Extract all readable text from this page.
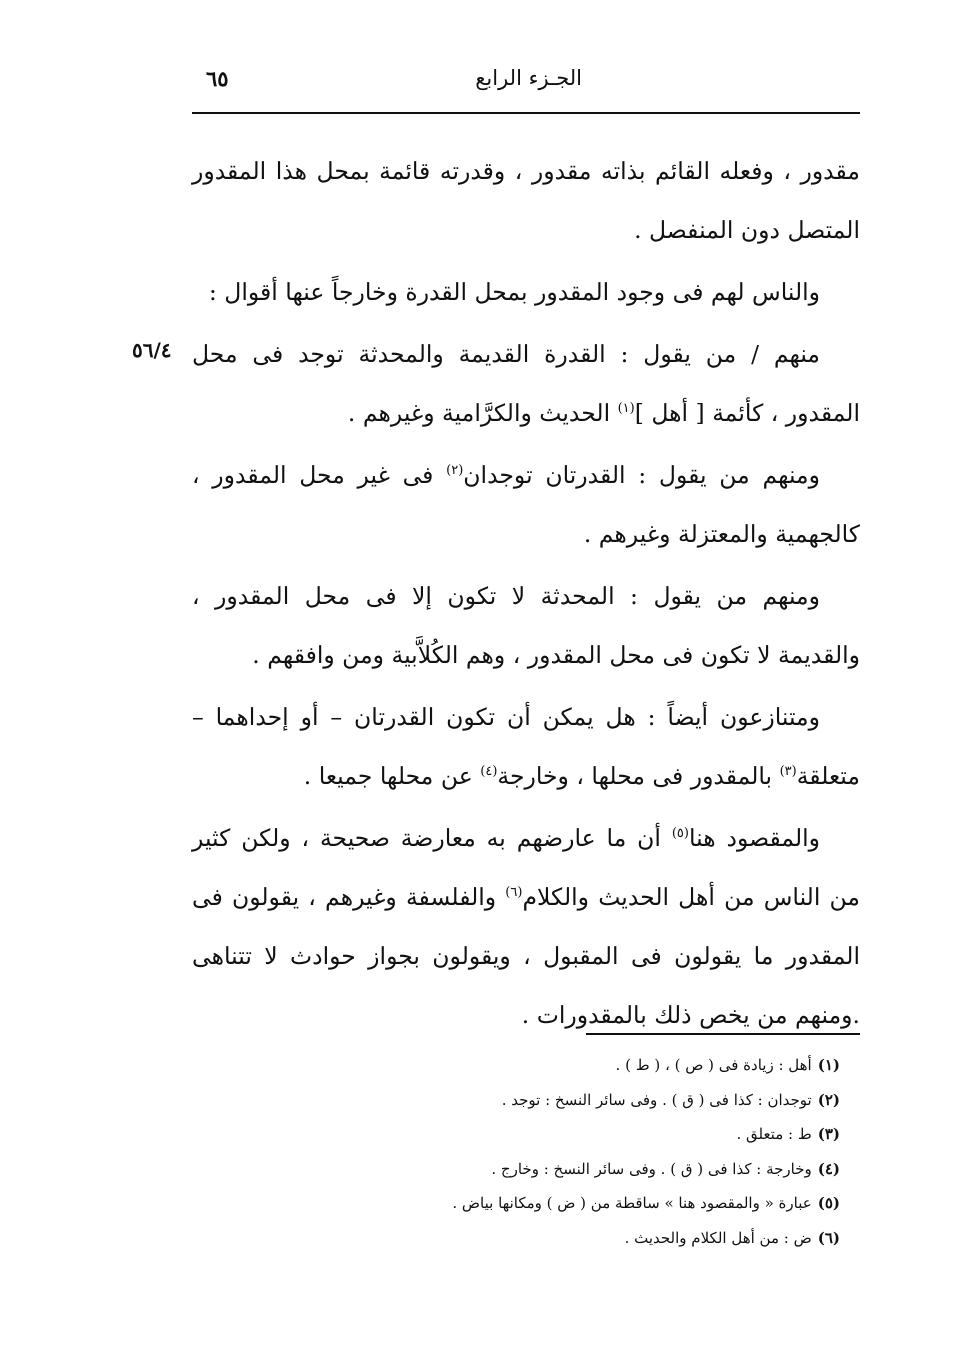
الجـزء الرابع
٦٥
٥٦/٤

مقدور ، وفعله القائم بذاته مقدور ، وقدرته قائمة بمحل هذا المقدور المتصل دون المنفصل .

والناس لهم فى وجود المقدور بمحل القدرة وخارجاً عنها أقوال :

منهم / من يقول : القدرة القديمة والمحدثة توجد فى محل المقدور ، كأئمة [ أهل ]$^{(١)}$ الحديث والكرَّامية وغيرهم .

ومنهم من يقول : القدرتان توجدان$^{(٢)}$ فى غير محل المقدور ، كالجهمية والمعتزلة وغيرهم .

ومنهم من يقول : المحدثة لا تكون إلا فى محل المقدور ، والقديمة لا تكون فى محل المقدور ، وهم الكُلاَّبية ومن وافقهم .

ومتنازعون أيضاً : هل يمكن أن تكون القدرتان – أو إحداهما – متعلقة$^{(٣)}$ بالمقدور فى محلها ، وخارجة$^{(٤)}$ عن محلها جميعا .

والمقصود هنا$^{(٥)}$ أن ما عارضهم به معارضة صحيحة ، ولكن كثير من الناس من أهل الحديث والكلام$^{(٦)}$ والفلسفة وغيرهم ، يقولون فى المقدور ما يقولون فى المقبول ، ويقولون بجواز حوادث لا تتناهى .ومنهم من يخص ذلك بالمقدورات .

(١)أهل : زيادة فى ( ص ) ، ( ط ) .
(٢)توجدان : كذا فى ( ق ) . وفى سائر النسخ : توجد .
(٣)ط : متعلق .
(٤)وخارجة : كذا فى ( ق ) . وفى سائر النسخ : وخارج .
(٥)عبارة « والمقصود هنا » ساقطة من ( ض ) ومكانها بياض .
(٦)ض : من أهل الكلام والحديث .
